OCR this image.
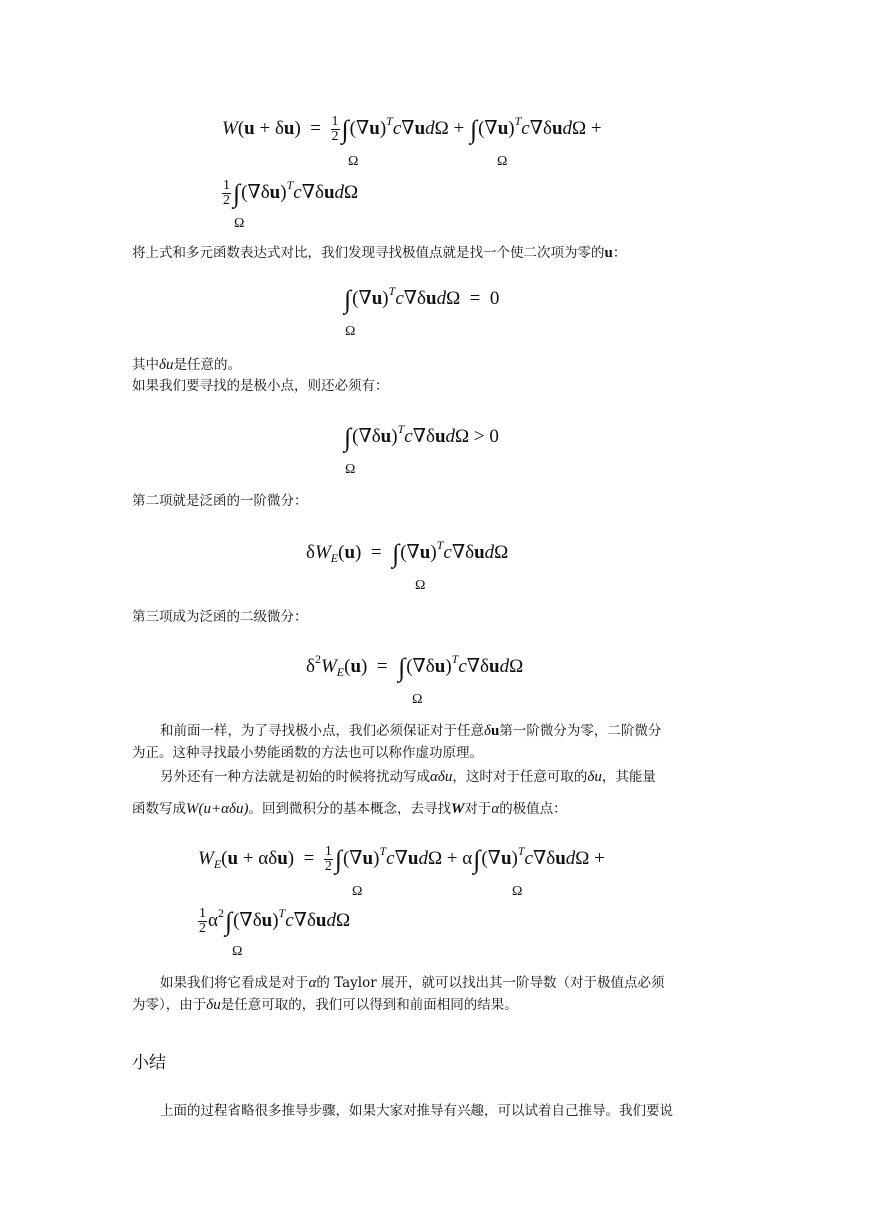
$W(u + \delta u) = \frac{1}{2} \int(\nabla u)^Tc\nabla ud\Omega + \int(\nabla u)^Tc\nabla\delta ud\Omega$ +
Ω	Ω
$\frac{1}{2} \int(\nabla\delta u)^Tc\nabla\delta ud\Omega$
Ω
将上式和多元函数表达式对比，我们发现寻找极值点就是找一个使二次项为零的u：
$\int(\nabla u)^Tc\nabla\delta ud\Omega = 0$
Ω
其中δu是任意的。
如果我们要寻找的是极小点，则还必须有：
$\int(\nabla\delta u)^Tc\nabla\delta ud\Omega > 0$
Ω
第二项就是泛函的一阶微分：
$\delta W_E(u) = \int(\nabla u)^Tc\nabla\delta ud\Omega$
Ω
第三项成为泛函的二级微分：
$\delta^2W_E(u) = \int(\nabla\delta u)^Tc\nabla\delta ud\Omega$
Ω
和前面一样，为了寻找极小点，我们必须保证对于任意δu第一阶微分为零，二阶微分
为正。这种寻找最小势能函数的方法也可以称作虚功原理。
另外还有一种方法就是初始的时候将扰动写成αδu，这时对于任意可取的δu，其能量
函数写成W(u+αδu)。回到微积分的基本概念，去寻找W对于α的极值点：
$W_E(u + \alpha\delta u) = \frac{1}{2} \int(\nabla u)^Tc\nabla ud\Omega + \alpha\int(\nabla u)^Tc\nabla\delta ud\Omega$ +
Ω	Ω
$\frac{1}{2} \alpha^2\int(\nabla\delta u)^Tc\nabla\delta ud\Omega$
Ω
如果我们将它看成是对于α的 Taylor 展开，就可以找出其一阶导数（对于极值点必须
为零），由于δu是任意可取的，我们可以得到和前面相同的结果。
小结
上面的过程省略很多推导步骤，如果大家对推导有兴趣，可以试着自己推导。我们要说
